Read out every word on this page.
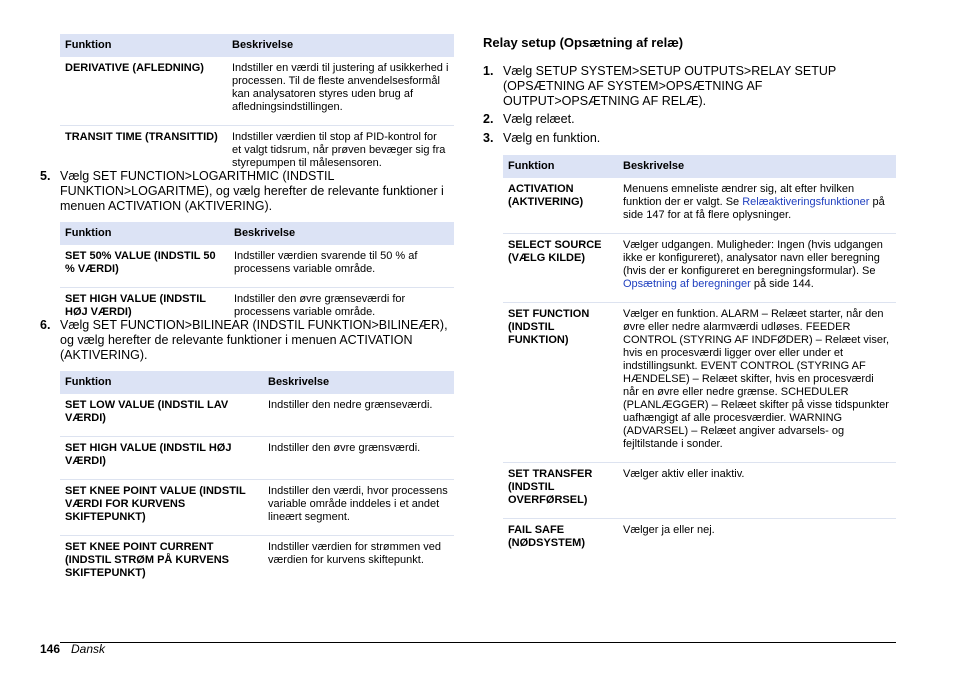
Funktion	Beskrivelse
DERIVATIVE (AFLEDNING)	Indstiller en værdi til justering af usikkerhed i processen. Til de fleste anvendelsesformål kan analysatoren styres uden brug af afledningsindstillingen.
TRANSIT TIME (TRANSITTID)	Indstiller værdien til stop af PID-kontrol for et valgt tidsrum, når prøven bevæger sig fra styrepumpen til målesensoren.
5. Vælg SET FUNCTION>LOGARITHMIC (INDSTIL FUNKTION>LOGARITME), og vælg herefter de relevante funktioner i menuen ACTIVATION (AKTIVERING).
Funktion	Beskrivelse
SET 50% VALUE (INDSTIL 50 % VÆRDI)	Indstiller værdien svarende til 50 % af processens variable område.
SET HIGH VALUE (INDSTIL HØJ VÆRDI)	Indstiller den øvre grænseværdi for processens variable område.
6. Vælg SET FUNCTION>BILINEAR (INDSTIL FUNKTION>BILINEÆR), og vælg herefter de relevante funktioner i menuen ACTIVATION (AKTIVERING).
Funktion	Beskrivelse
SET LOW VALUE (INDSTIL LAV VÆRDI)	Indstiller den nedre grænseværdi.
SET HIGH VALUE (INDSTIL HØJ VÆRDI)	Indstiller den øvre grænsværdi.
SET KNEE POINT VALUE (INDSTIL VÆRDI FOR KURVENS SKIFTEPUNKT)	Indstiller den værdi, hvor processens variable område inddeles i et andet lineært segment.
SET KNEE POINT CURRENT (INDSTIL STRØM PÅ KURVENS SKIFTEPUNKT)	Indstiller værdien for strømmen ved værdien for kurvens skiftepunkt.
Relay setup (Opsætning af relæ)
1. Vælg SETUP SYSTEM>SETUP OUTPUTS>RELAY SETUP (OPSÆTNING AF SYSTEM>OPSÆTNING AF OUTPUT>OPSÆTNING AF RELÆ).
2. Vælg relæet.
3. Vælg en funktion.
Funktion	Beskrivelse
ACTIVATION (AKTIVERING)	Menuens emneliste ændrer sig, alt efter hvilken funktion der er valgt. Se Relæaktiveringsfunktioner på side 147 for at få flere oplysninger.
SELECT SOURCE (VÆLG KILDE)	Vælger udgangen. Muligheder: Ingen (hvis udgangen ikke er konfigureret), analysator navn eller beregning (hvis der er konfigureret en beregningsformular). Se Opsætning af beregninger på side 144.
SET FUNCTION (INDSTIL FUNKTION)	Vælger en funktion. ALARM – Relæet starter, når den øvre eller nedre alarmværdi udløses. FEEDER CONTROL (STYRING AF INDFØDER) – Relæet viser, hvis en procesværdi ligger over eller under et indstillingsunkt. EVENT CONTROL (STYRING AF HÆNDELSE) – Relæet skifter, hvis en procesværdi når en øvre eller nedre grænse. SCHEDULER (PLANLÆGGER) – Relæet skifter på visse tidspunkter uafhængigt af alle procesværdier. WARNING (ADVARSEL) – Relæet angiver advarsels- og fejltilstande i sonder.
SET TRANSFER (INDSTIL OVERFØRSEL)	Vælger aktiv eller inaktiv.
FAIL SAFE (NØDSYSTEM)	Vælger ja eller nej.
146 Dansk
